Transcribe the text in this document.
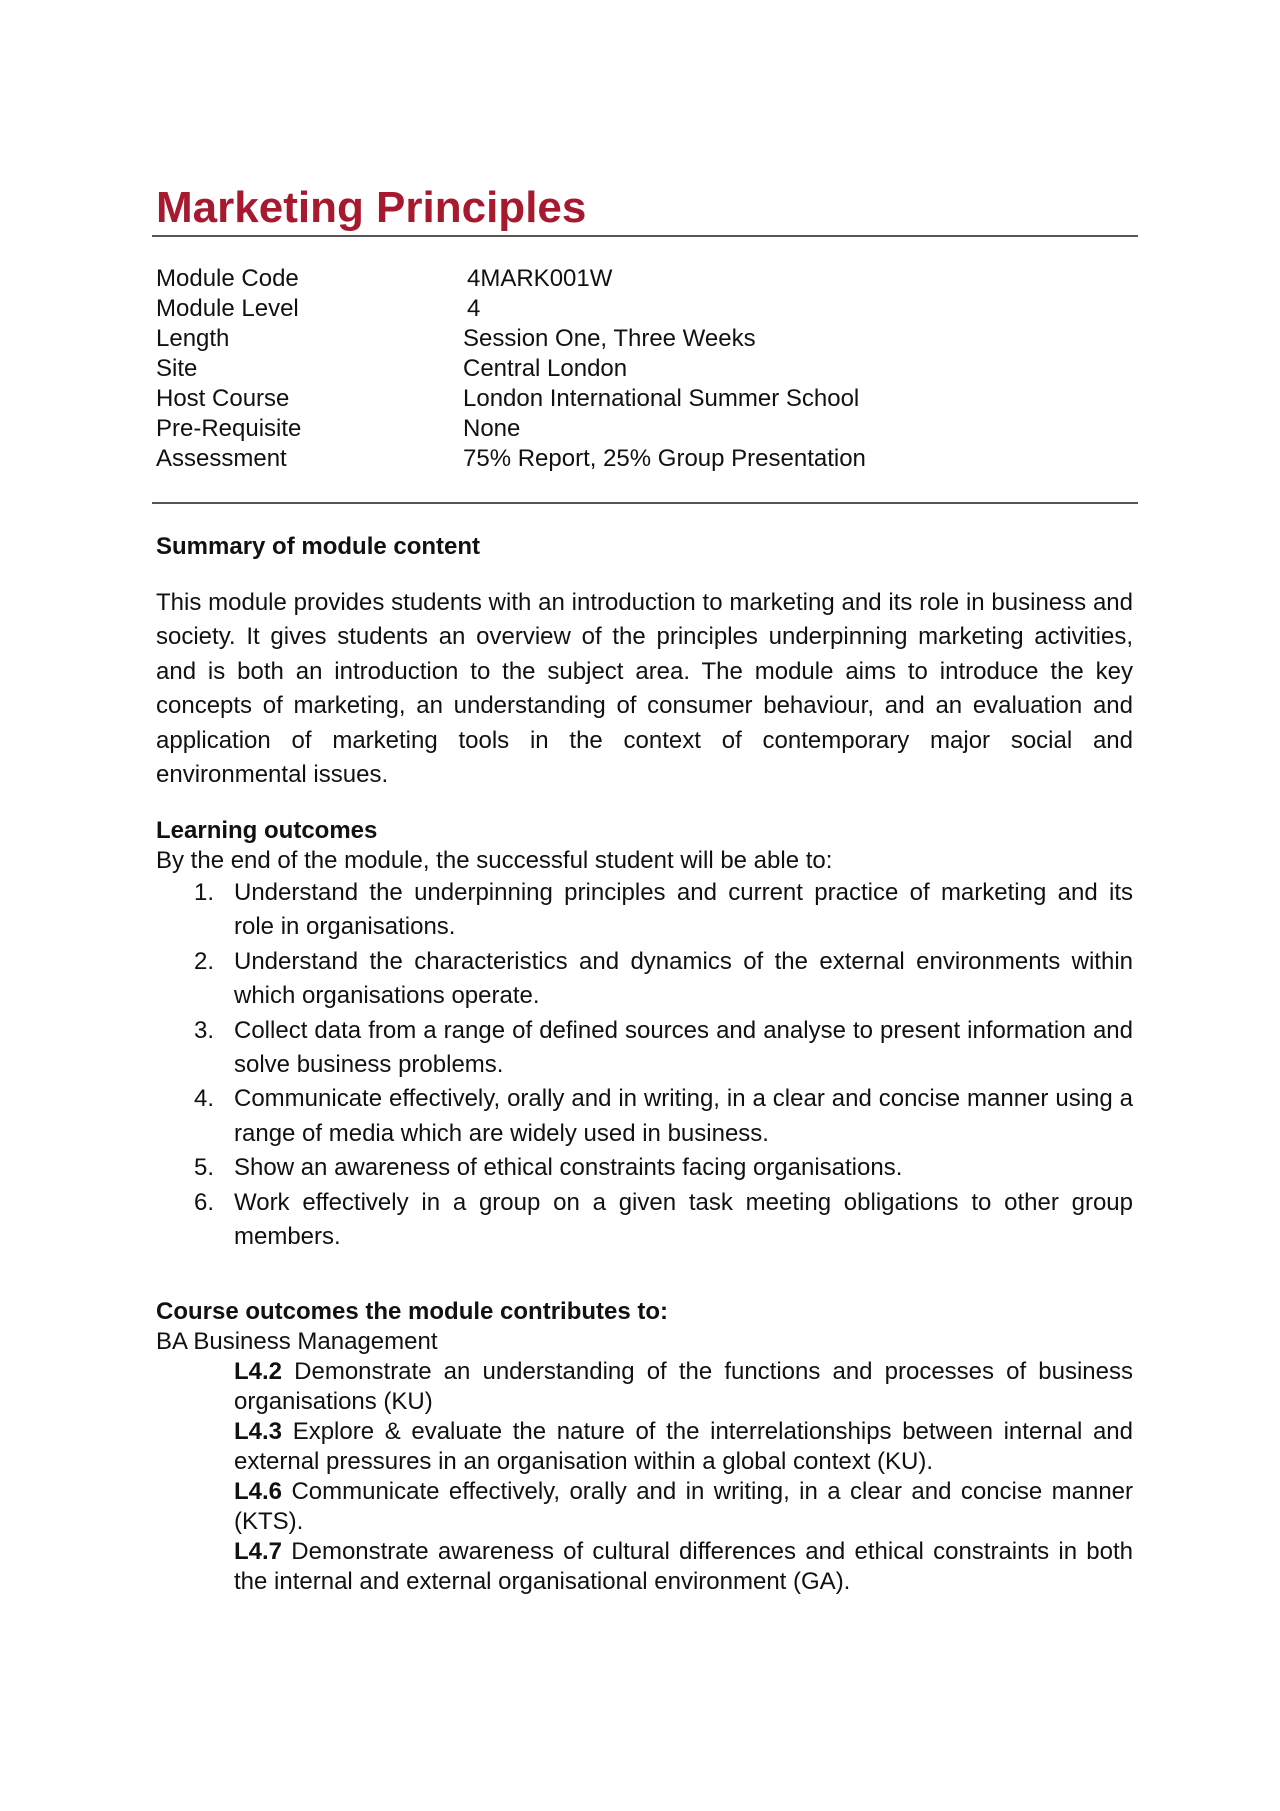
Marketing Principles
Module Code	4MARK001W
Module Level	4
Length	Session One, Three Weeks
Site	Central London
Host Course	London International Summer School
Pre-Requisite	None
Assessment	75% Report, 25% Group Presentation
Summary of module content
This module provides students with an introduction to marketing and its role in business and society. It gives students an overview of the principles underpinning marketing activities, and is both an introduction to the subject area. The module aims to introduce the key concepts of marketing, an understanding of consumer behaviour, and an evaluation and application of marketing tools in the context of contemporary major social and environmental issues.
Learning outcomes
By the end of the module, the successful student will be able to:
1. Understand the underpinning principles and current practice of marketing and its role in organisations.
2. Understand the characteristics and dynamics of the external environments within which organisations operate.
3. Collect data from a range of defined sources and analyse to present information and solve business problems.
4. Communicate effectively, orally and in writing, in a clear and concise manner using a range of media which are widely used in business.
5. Show an awareness of ethical constraints facing organisations.
6. Work effectively in a group on a given task meeting obligations to other group members.
Course outcomes the module contributes to:
BA Business Management
L4.2 Demonstrate an understanding of the functions and processes of business organisations (KU)
L4.3 Explore & evaluate the nature of the interrelationships between internal and external pressures in an organisation within a global context (KU).
L4.6 Communicate effectively, orally and in writing, in a clear and concise manner (KTS).
L4.7 Demonstrate awareness of cultural differences and ethical constraints in both the internal and external organisational environment (GA).
